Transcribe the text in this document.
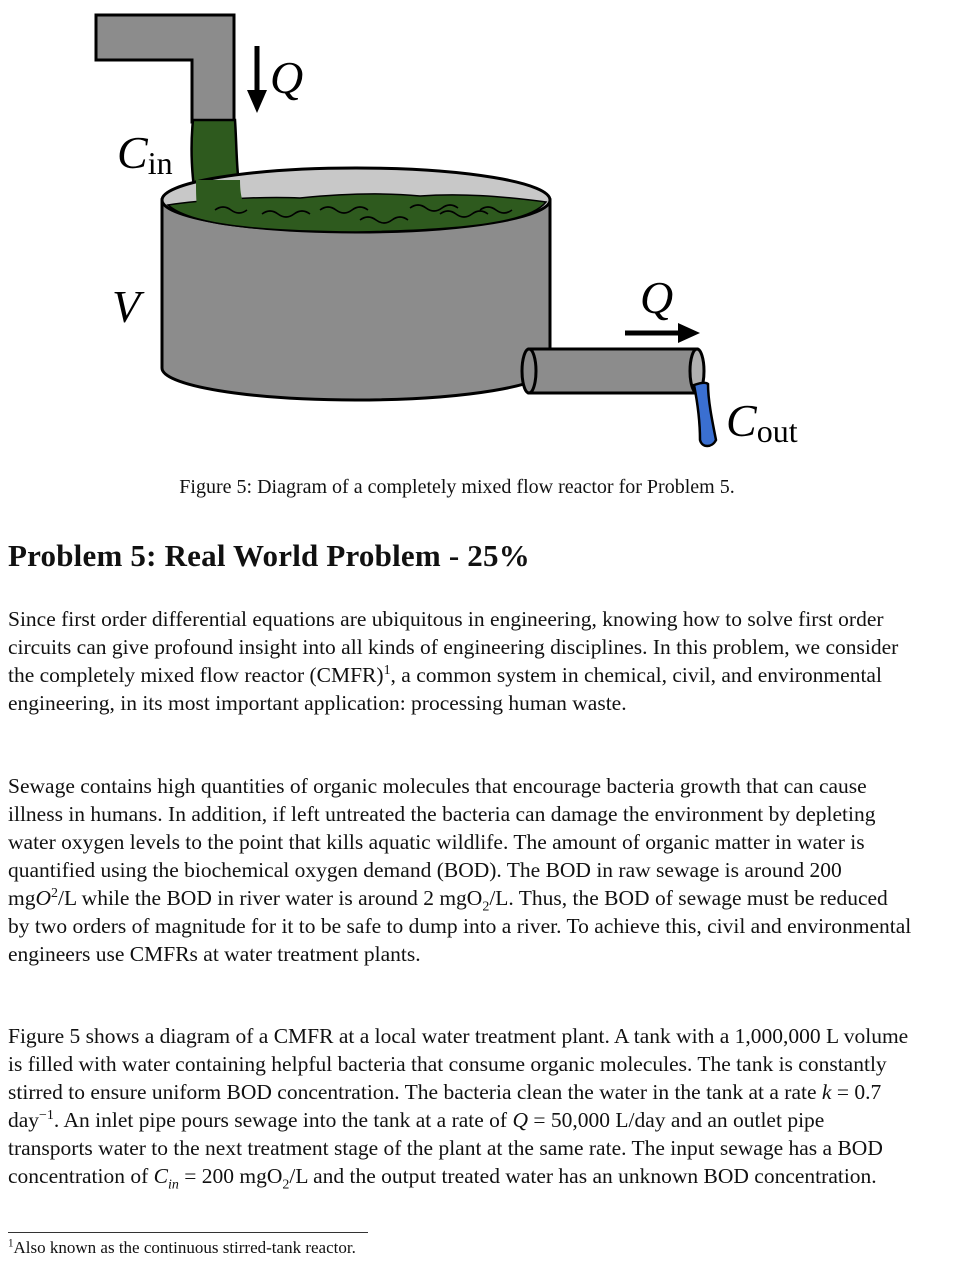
Q
Cin
V	Q
Cout
Figure 5: Diagram of a completely mixed flow reactor for Problem 5.
Problem 5: Real World Problem - 25%

Since first order differential equations are ubiquitous in engineering, knowing how to solve first order circuits can give profound insight into all kinds of engineering disciplines. In this problem, we consider the completely mixed flow reactor (CMFR)$^1$, a common system in chemical, civil, and environmental engineering, in its most important application: processing human waste.

Sewage contains high quantities of organic molecules that encourage bacteria growth that can cause illness in humans. In addition, if left untreated the bacteria can damage the environment by depleting water oxygen levels to the point that kills aquatic wildlife. The amount of organic matter in water is quantified using the biochemical oxygen demand (BOD). The BOD in raw sewage is around 200 mgO$^2$/L while the BOD in river water is around 2 mgO$_2$/L. Thus, the BOD of sewage must be reduced by two orders of magnitude for it to be safe to dump into a river. To achieve this, civil and environmental engineers use CMFRs at water treatment plants.

Figure 5 shows a diagram of a CMFR at a local water treatment plant. A tank with a 1,000,000 L volume is filled with water containing helpful bacteria that consume organic molecules. The tank is constantly stirred to ensure uniform BOD concentration. The bacteria clean the water in the tank at a rate k = 0.7 day$^{-1}$. An inlet pipe pours sewage into the tank at a rate of Q = 50,000 L/day and an outlet pipe transports water to the next treatment stage of the plant at the same rate. The input sewage has a BOD concentration of $C_{in} = 200$ mgO$_2$/L and the output treated water has an unknown BOD concentration.

$^1$Also known as the continuous stirred-tank reactor.
